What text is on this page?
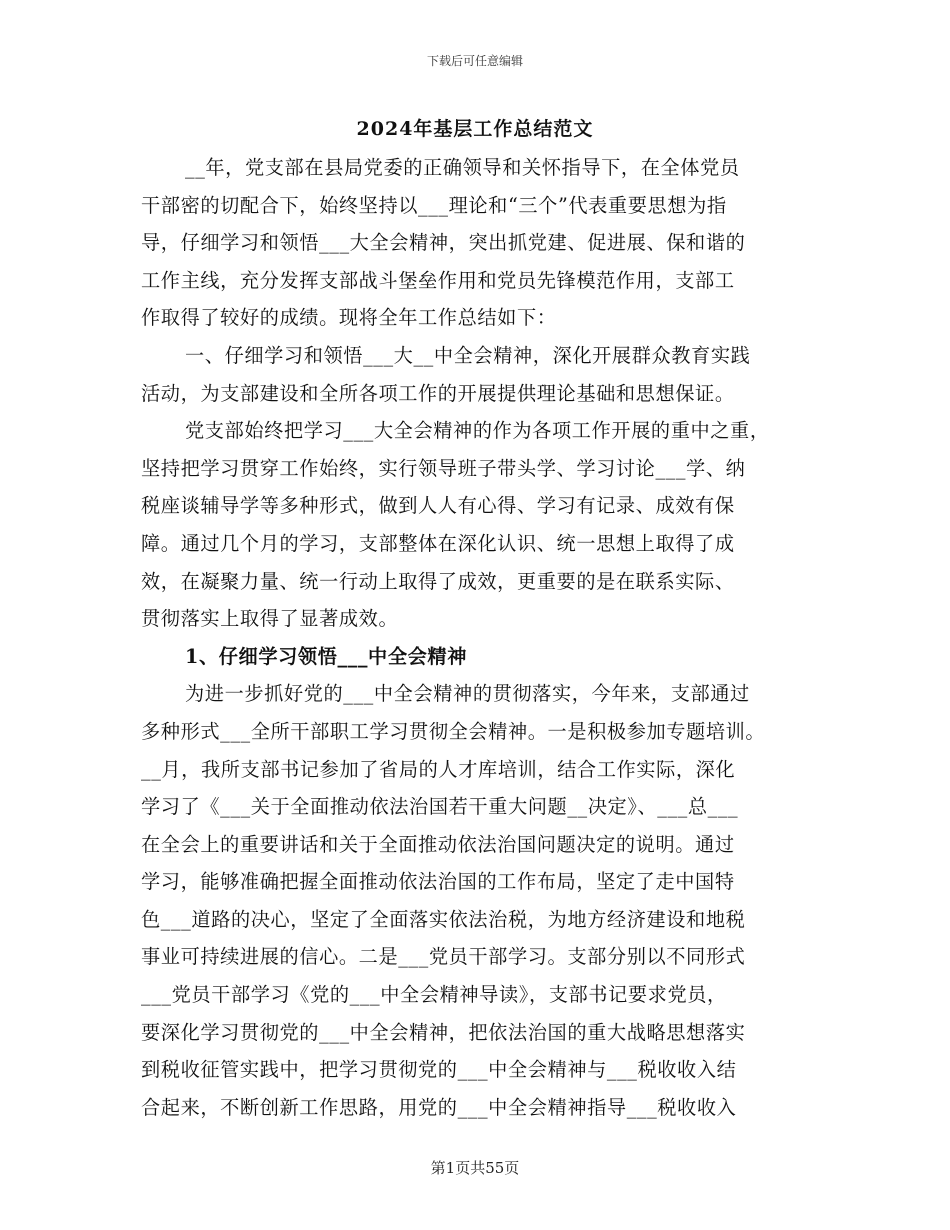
下载后可任意编辑
2024年基层工作总结范文
__年，党支部在县局党委的正确领导和关怀指导下，在全体党员
干部密的切配合下，始终坚持以___理论和“三个”代表重要思想为指
导，仔细学习和领悟___大全会精神，突出抓党建、促进展、保和谐的
工作主线，充分发挥支部战斗堡垒作用和党员先锋模范作用，支部工
作取得了较好的成绩。现将全年工作总结如下：
一、仔细学习和领悟___大__中全会精神，深化开展群众教育实践
活动，为支部建设和全所各项工作的开展提供理论基础和思想保证。
党支部始终把学习___大全会精神的作为各项工作开展的重中之重，
坚持把学习贯穿工作始终，实行领导班子带头学、学习讨论___学、纳
税座谈辅导学等多种形式，做到人人有心得、学习有记录、成效有保
障。通过几个月的学习，支部整体在深化认识、统一思想上取得了成
效，在凝聚力量、统一行动上取得了成效，更重要的是在联系实际、
贯彻落实上取得了显著成效。
1、仔细学习领悟___中全会精神
为进一步抓好党的___中全会精神的贯彻落实，今年来，支部通过
多种形式___全所干部职工学习贯彻全会精神。一是积极参加专题培训。
__月，我所支部书记参加了省局的人才库培训，结合工作实际，深化
学习了《___关于全面推动依法治国若干重大问题__决定》、___总___
在全会上的重要讲话和关于全面推动依法治国问题决定的说明。通过
学习，能够准确把握全面推动依法治国的工作布局，坚定了走中国特
色___道路的决心，坚定了全面落实依法治税，为地方经济建设和地税
事业可持续进展的信心。二是___党员干部学习。支部分别以不同形式
___党员干部学习《党的___中全会精神导读》，支部书记要求党员，
要深化学习贯彻党的___中全会精神，把依法治国的重大战略思想落实
到税收征管实践中，把学习贯彻党的___中全会精神与___税收收入结
合起来，不断创新工作思路，用党的___中全会精神指导___税收收入
第1页共55页
